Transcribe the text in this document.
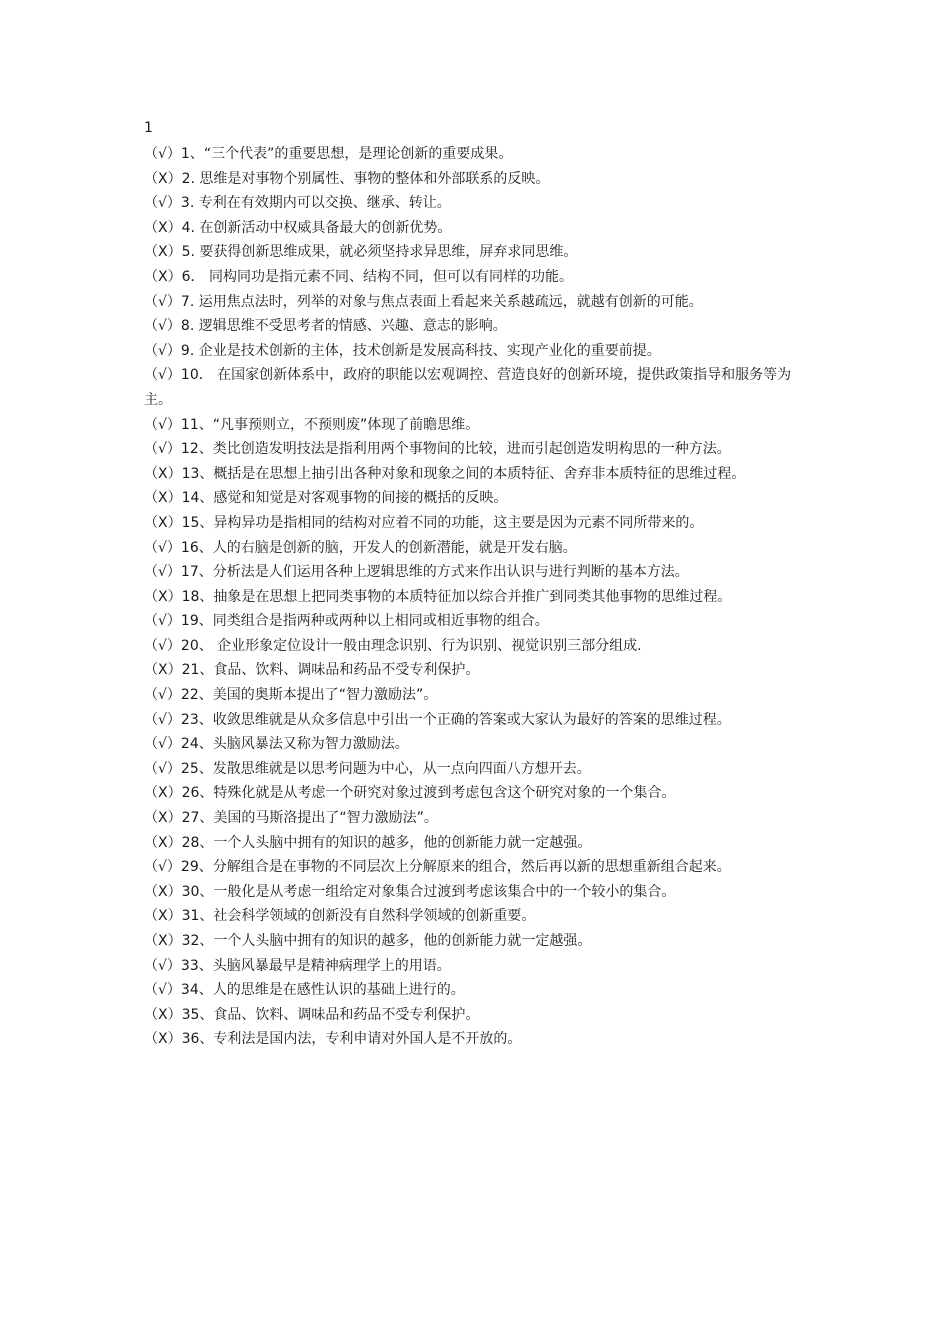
1
（√）1、“三个代表”的重要思想，是理论创新的重要成果。
（X）2. 思维是对事物个别属性、事物的整体和外部联系的反映。
（√）3. 专利在有效期内可以交换、继承、转让。
（X）4. 在创新活动中权威具备最大的创新优势。
（X）5. 要获得创新思维成果，就必须坚持求异思维，屏弃求同思维。
（X）6． 同构同功是指元素不同、结构不同，但可以有同样的功能。
（√）7. 运用焦点法时，列举的对象与焦点表面上看起来关系越疏远，就越有创新的可能。
（√）8. 逻辑思维不受思考者的情感、兴趣、意志的影响。
（√）9. 企业是技术创新的主体，技术创新是发展高科技、实现产业化的重要前提。
（√）10． 在国家创新体系中，政府的职能以宏观调控、营造良好的创新环境，提供政策指导和服务等为
主。
（√）11、“凡事预则立，不预则废”体现了前瞻思维。
（√）12、类比创造发明技法是指利用两个事物间的比较，进而引起创造发明构思的一种方法。
（X）13、概括是在思想上抽引出各种对象和现象之间的本质特征、舍弃非本质特征的思维过程。
（X）14、感觉和知觉是对客观事物的间接的概括的反映。
（X）15、异构异功是指相同的结构对应着不同的功能，这主要是因为元素不同所带来的。
（√）16、人的右脑是创新的脑，开发人的创新潜能，就是开发右脑。
（√）17、分析法是人们运用各种上逻辑思维的方式来作出认识与进行判断的基本方法。
（X）18、抽象是在思想上把同类事物的本质特征加以综合并推广到同类其他事物的思维过程。
（√）19、同类组合是指两种或两种以上相同或相近事物的组合。
（√）20、 企业形象定位设计一般由理念识别、行为识别、视觉识别三部分组成.
（X）21、食品、饮料、调味品和药品不受专利保护。
（√）22、美国的奥斯本提出了“智力激励法”。
（√）23、收敛思维就是从众多信息中引出一个正确的答案或大家认为最好的答案的思维过程。
（√）24、头脑风暴法又称为智力激励法。
（√）25、发散思维就是以思考问题为中心，从一点向四面八方想开去。
（X）26、特殊化就是从考虑一个研究对象过渡到考虑包含这个研究对象的一个集合。
（X）27、美国的马斯洛提出了“智力激励法”。
（X）28、一个人头脑中拥有的知识的越多，他的创新能力就一定越强。
（√）29、分解组合是在事物的不同层次上分解原来的组合，然后再以新的思想重新组合起来。
（X）30、一般化是从考虑一组给定对象集合过渡到考虑该集合中的一个较小的集合。
（X）31、社会科学领域的创新没有自然科学领域的创新重要。
（X）32、一个人头脑中拥有的知识的越多，他的创新能力就一定越强。
（√）33、头脑风暴最早是精神病理学上的用语。
（√）34、人的思维是在感性认识的基础上进行的。
（X）35、食品、饮料、调味品和药品不受专利保护。
（X）36、专利法是国内法，专利申请对外国人是不开放的。
